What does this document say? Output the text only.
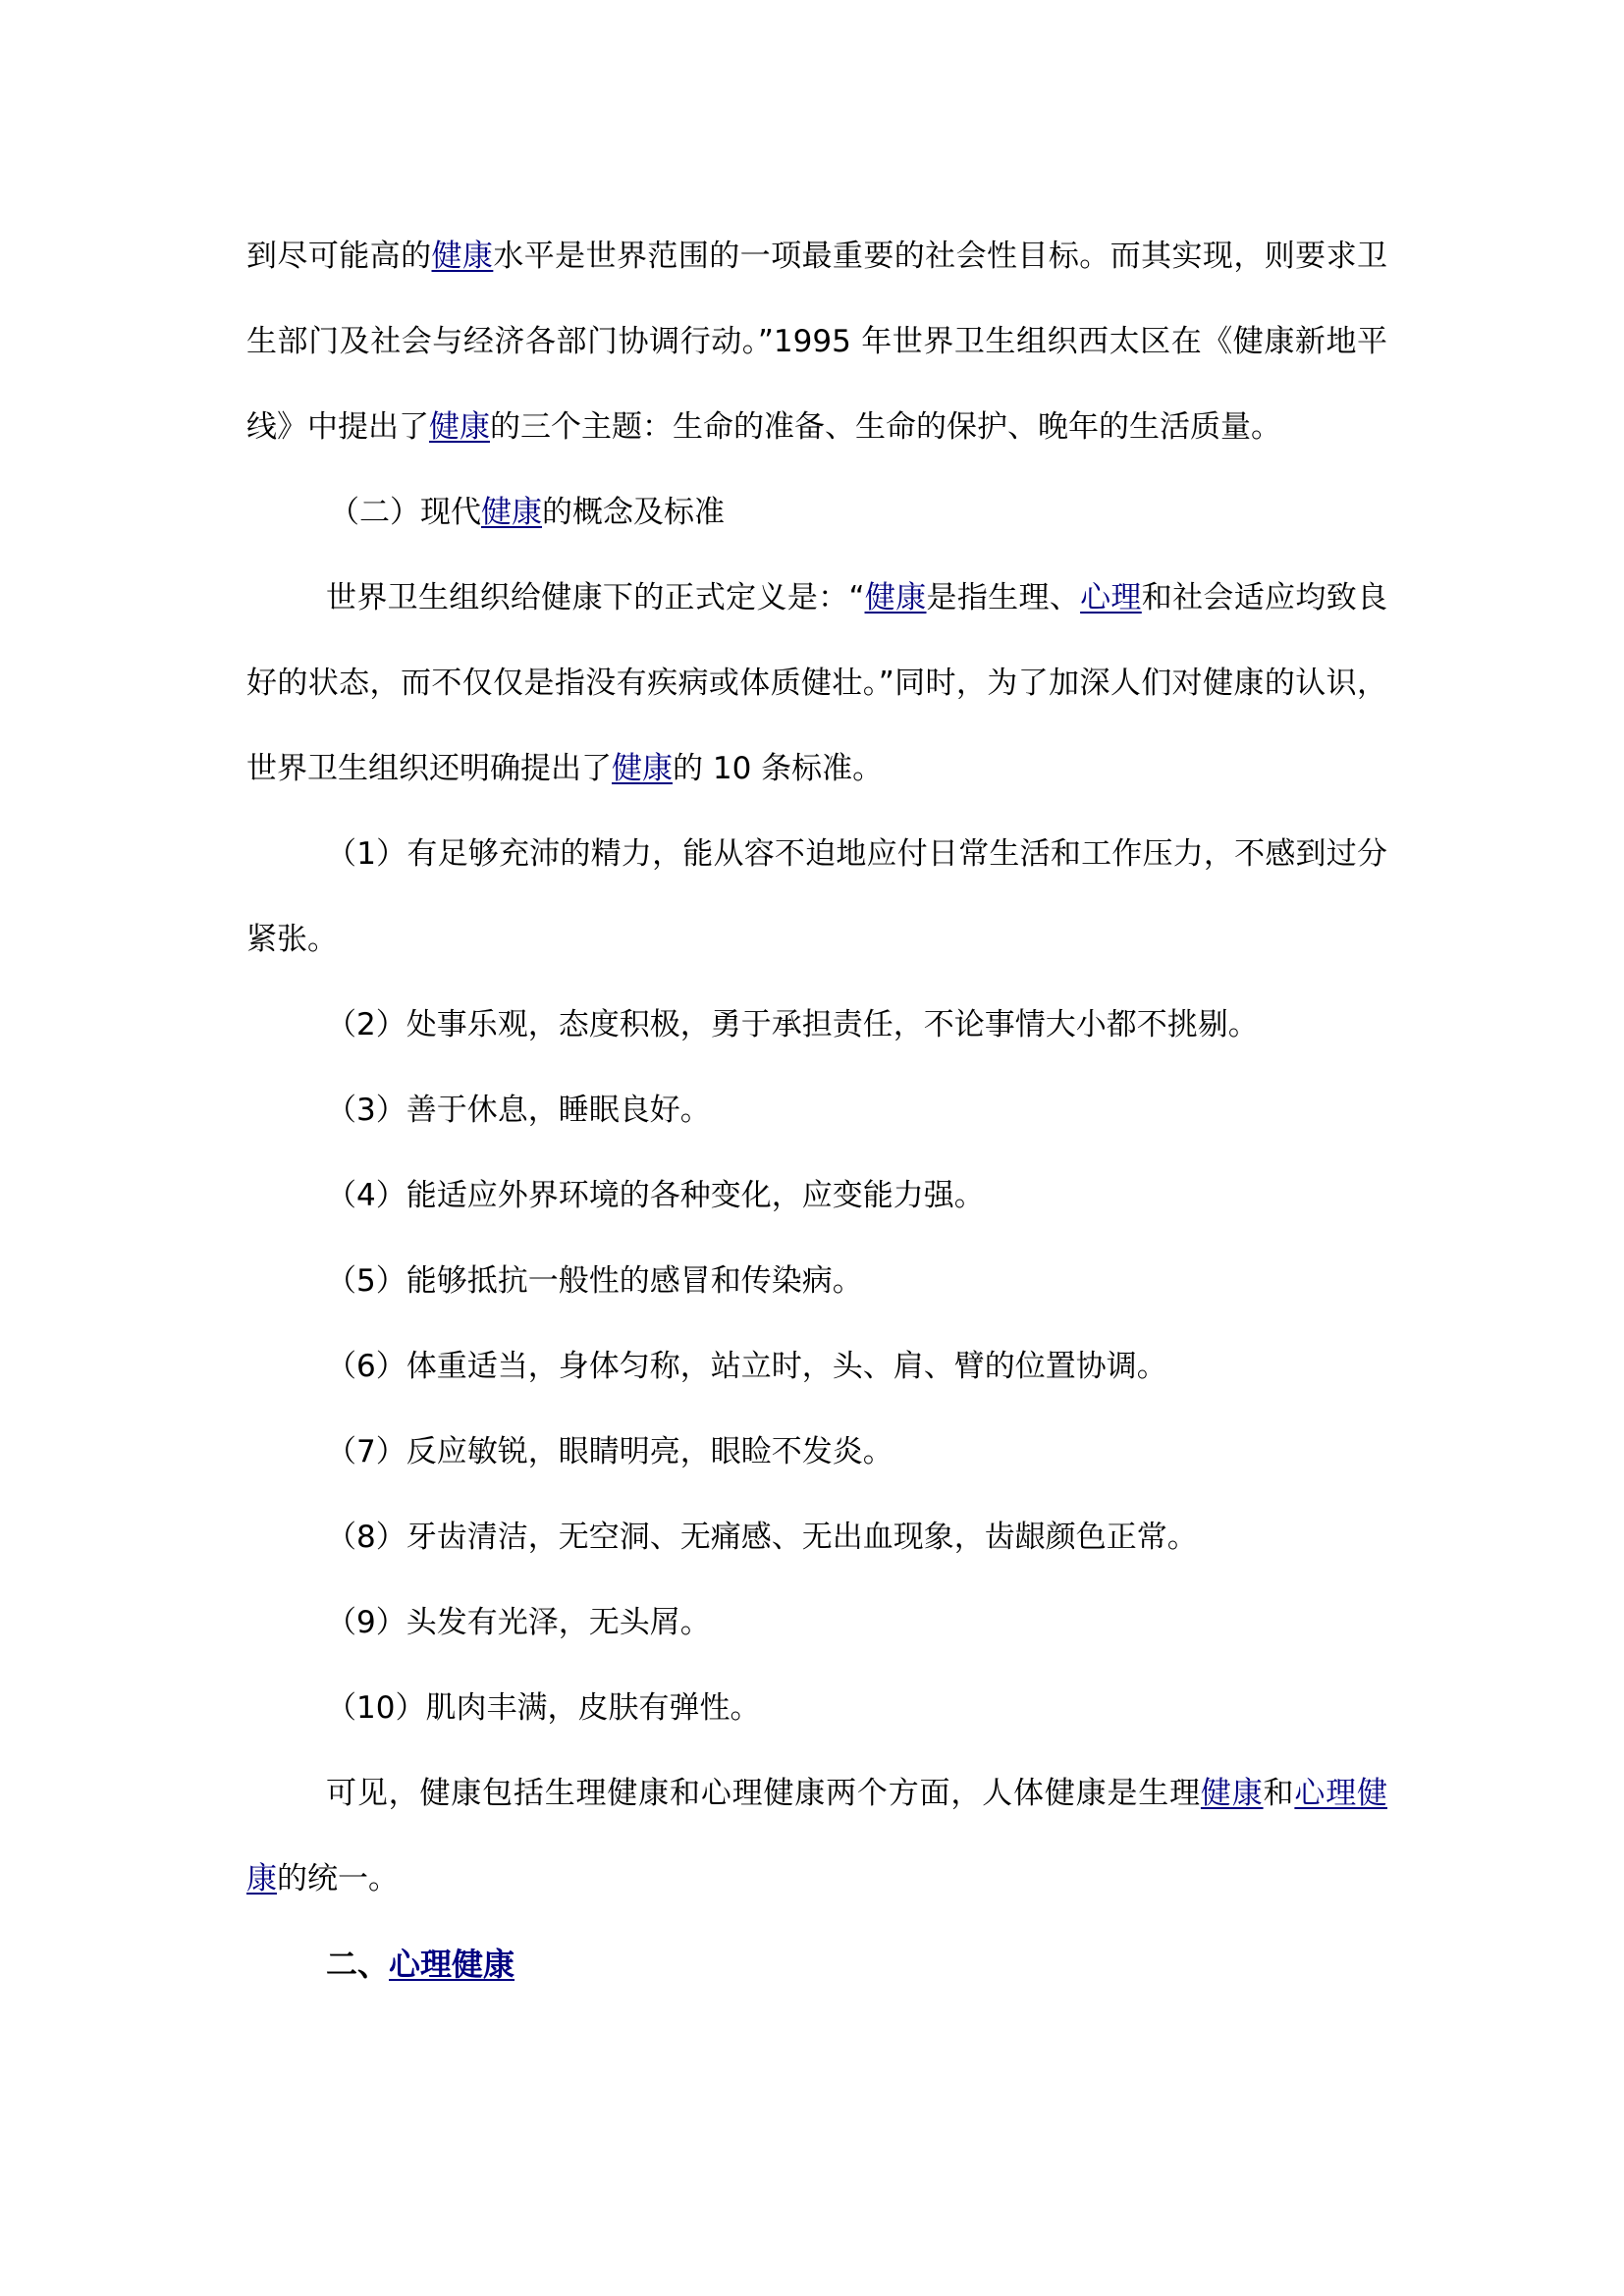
到尽可能高的健康水平是世界范围的一项最重要的社会性目标。而其实现，则要求卫生部门及社会与经济各部门协调行动。”1995 年世界卫生组织西太区在《健康新地平线》中提出了健康的三个主题：生命的准备、生命的保护、晚年的生活质量。

（二）现代健康的概念及标准

世界卫生组织给健康下的正式定义是：“健康是指生理、心理和社会适应均致良好的状态，而不仅仅是指没有疾病或体质健壮。”同时，为了加深人们对健康的认识，世界卫生组织还明确提出了健康的 10 条标准。

（1）有足够充沛的精力，能从容不迫地应付日常生活和工作压力，不感到过分紧张。

（2）处事乐观，态度积极，勇于承担责任，不论事情大小都不挑剔。

（3）善于休息，睡眠良好。

（4）能适应外界环境的各种变化，应变能力强。

（5）能够抵抗一般性的感冒和传染病。

（6）体重适当，身体匀称，站立时，头、肩、臂的位置协调。

（7）反应敏锐，眼睛明亮，眼睑不发炎。

（8）牙齿清洁，无空洞、无痛感、无出血现象，齿龈颜色正常。

（9）头发有光泽，无头屑。

（10）肌肉丰满，皮肤有弹性。

可见，健康包括生理健康和心理健康两个方面，人体健康是生理健康和心理健康的统一。

二、心理健康
